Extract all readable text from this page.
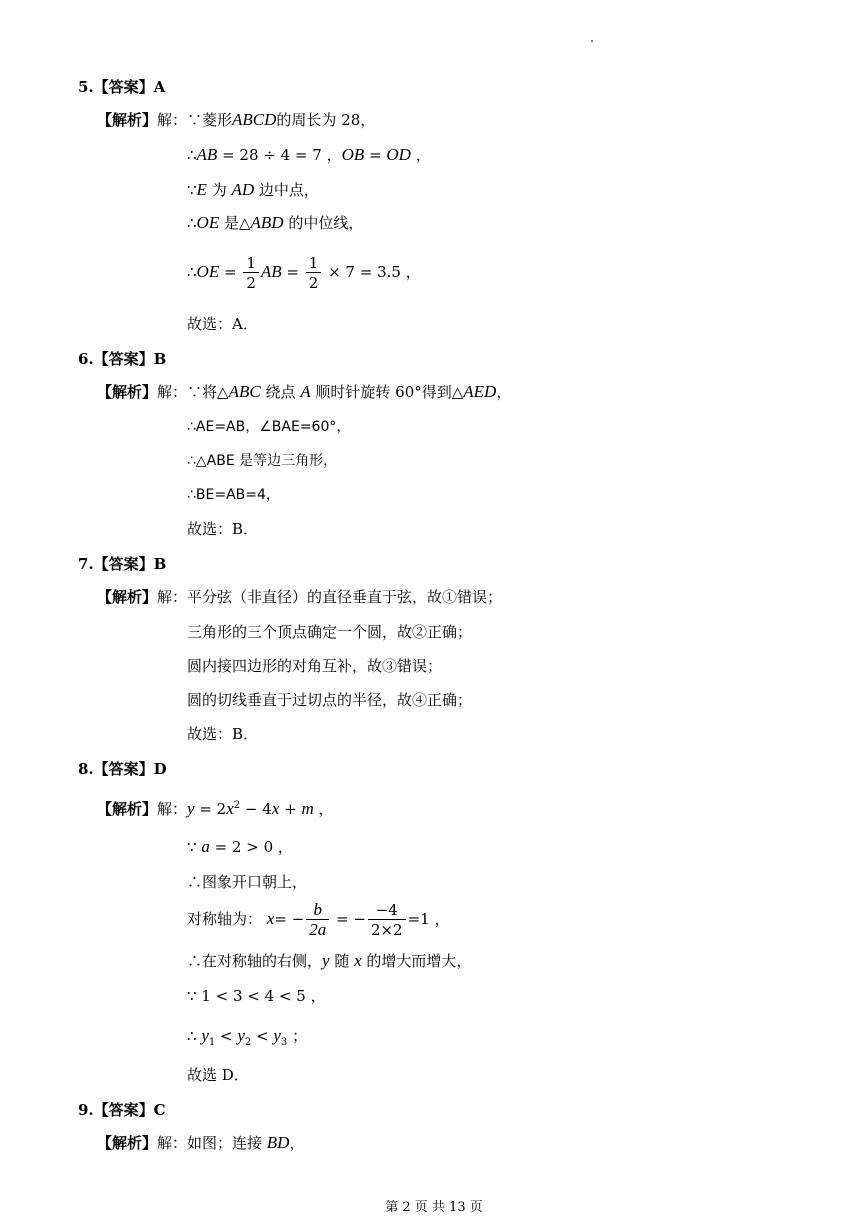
5.【答案】A
【解析】解：∵菱形ABCD的周长为 28，
∴AB = 28 ÷ 4 = 7 ，OB = OD ，
∵E 为 AD 边中点，
∴OE 是△ABD 的中位线，
∴OE = $\frac{1}{2}$ AB = $\frac{1}{2} \times 7 = 3.5$ ，
故选：A．
6.【答案】B
【解析】解：∵将△ABC 绕点 A 顺时针旋转 60°得到△AED，
∴AE=AB，∠BAE=60°，
∴△ABE 是等边三角形，
∴BE=AB=4，
故选：B．
7.【答案】B
【解析】解：平分弦（非直径）的直径垂直于弦，故①错误；
三角形的三个顶点确定一个圆，故②正确；
圆内接四边形的对角互补，故③错误；
圆的切线垂直于过切点的半径，故④正确；
故选：B．
8.【答案】D
【解析】解：$y = 2x^2 - 4x + m$ ，
∵ a = 2 > 0 ，
∴图象开口朝上，
对称轴为： $x= - \frac{b}{2a}$ = − $\frac{-4}{2\times 2} =1$ ，
∴在对称轴的右侧，y 随 x 的增大而增大，
∵ 1 < 3 < 4 < 5 ，
∴ $y_1 < y_2 < y_3$ ；
故选 D．
9.【答案】C
【解析】解：如图；连接 BD，
第 2 页 共 13 页
